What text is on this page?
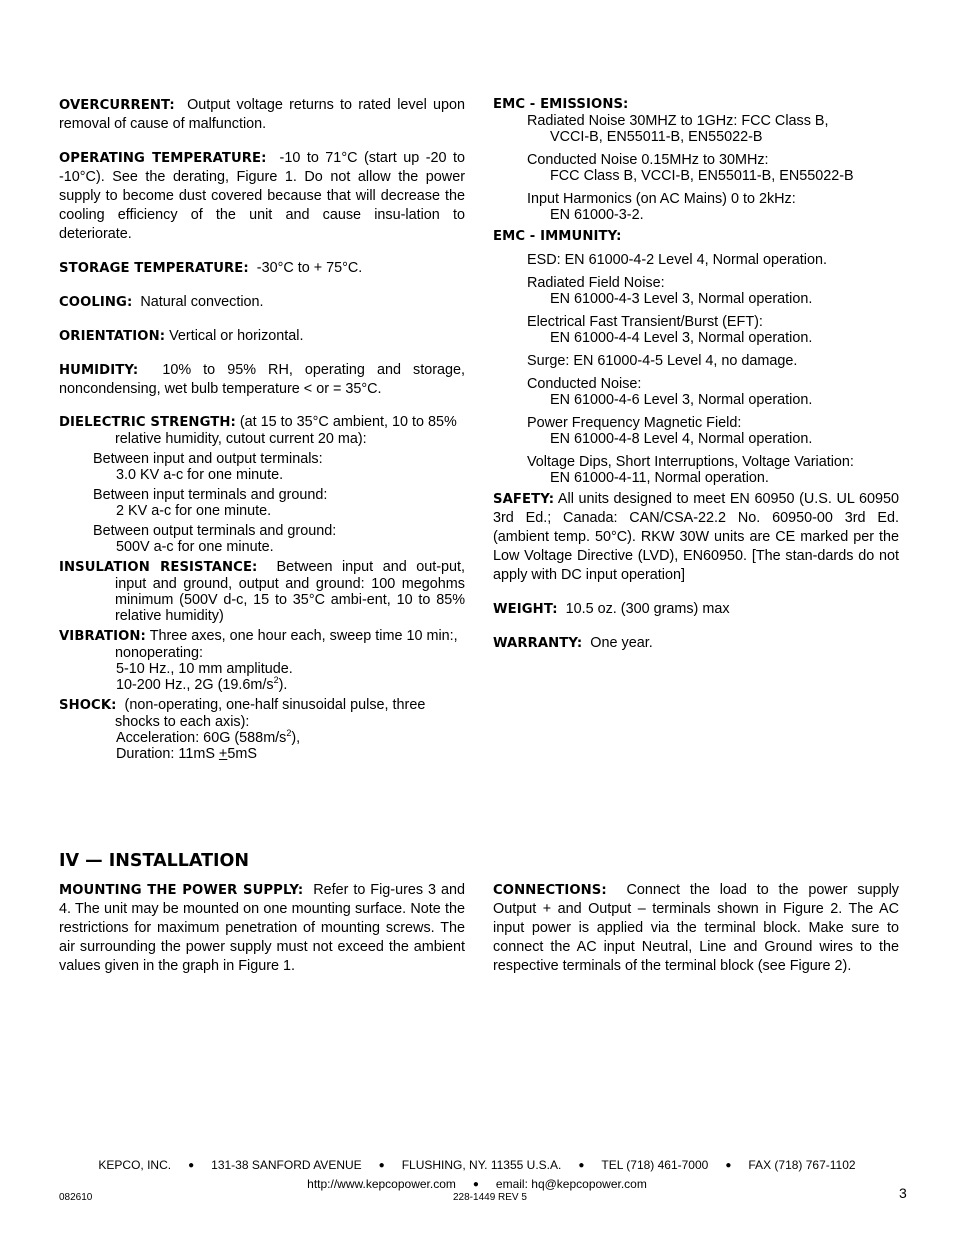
OVERCURRENT: Output voltage returns to rated level upon removal of cause of malfunction.

OPERATING TEMPERATURE: -10 to 71°C (start up -20 to -10°C). See the derating, Figure 1. Do not allow the power supply to become dust covered because that will decrease the cooling efficiency of the unit and cause insu-lation to deteriorate.

STORAGE TEMPERATURE: -30°C to + 75°C.

COOLING: Natural convection.

ORIENTATION: Vertical or horizontal.

HUMIDITY: 10% to 95% RH, operating and storage, noncondensing, wet bulb temperature < or = 35°C.

DIELECTRIC STRENGTH: (at 15 to 35°C ambient, 10 to 85% relative humidity, cutout current 20 ma):

Between input and output terminals:

3.0 KV a-c for one minute.

Between input terminals and ground:

2 KV a-c for one minute.

Between output terminals and ground:

500V a-c for one minute.

INSULATION RESISTANCE: Between input and out-put, input and ground, output and ground: 100 megohms minimum (500V d-c, 15 to 35°C ambi-ent, 10 to 85% relative humidity)

VIBRATION: Three axes, one hour each, sweep time 10 min:, nonoperating:

5-10 Hz., 10 mm amplitude.

10-200 Hz., 2G $(19.6m/s^2)$.

SHOCK: (non-operating, one-half sinusoidal pulse, three shocks to each axis):

Acceleration: 60G $(588m/s^2)$,

Duration: 11mS +5mS

EMC - EMISSIONS:

Radiated Noise 30MHZ to 1GHz: FCC Class B,

VCCI-B, EN55011-B, EN55022-B

Conducted Noise 0.15MHz to 30MHz:

FCC Class B, VCCI-B, EN55011-B, EN55022-B

Input Harmonics (on AC Mains) 0 to 2kHz:

EN 61000-3-2.

EMC - IMMUNITY:

ESD: EN 61000-4-2 Level 4, Normal operation.

Radiated Field Noise:

EN 61000-4-3 Level 3, Normal operation.

Electrical Fast Transient/Burst (EFT):

EN 61000-4-4 Level 3, Normal operation.

Surge: EN 61000-4-5 Level 4, no damage.

Conducted Noise:

EN 61000-4-6 Level 3, Normal operation.

Power Frequency Magnetic Field:

EN 61000-4-8 Level 4, Normal operation.

Voltage Dips, Short Interruptions, Voltage Variation:

EN 61000-4-11, Normal operation.

SAFETY: All units designed to meet EN 60950 (U.S. UL 60950 3rd Ed.; Canada: CAN/CSA-22.2 No. 60950-00 3rd Ed. (ambient temp. 50°C). RKW 30W units are CE marked per the Low Voltage Directive (LVD), EN60950. [The stan-dards do not apply with DC input operation]

WEIGHT: 10.5 oz. (300 grams) max

WARRANTY: One year.

IV — INSTALLATION

MOUNTING THE POWER SUPPLY: Refer to Fig-ures 3 and 4. The unit may be mounted on one mounting surface. Note the restrictions for maximum penetration of mounting screws. The air surrounding the power supply must not exceed the ambient values given in the graph in Figure 1.

CONNECTIONS: Connect the load to the power supply Output + and Output – terminals shown in Figure 2. The AC input power is applied via the terminal block. Make sure to connect the AC input Neutral, Line and Ground wires to the respective terminals of the terminal block (see Figure 2).

KEPCO, INC.	●	131-38 SANFORD AVENUE	●	FLUSHING, NY. 11355 U.S.A.	●	TEL (718) 461-7000	●	FAX (718) 767-1102
http://www.kepcopower.com	●	email: hq@kepcopower.com
082610	228-1449 REV 5	3
